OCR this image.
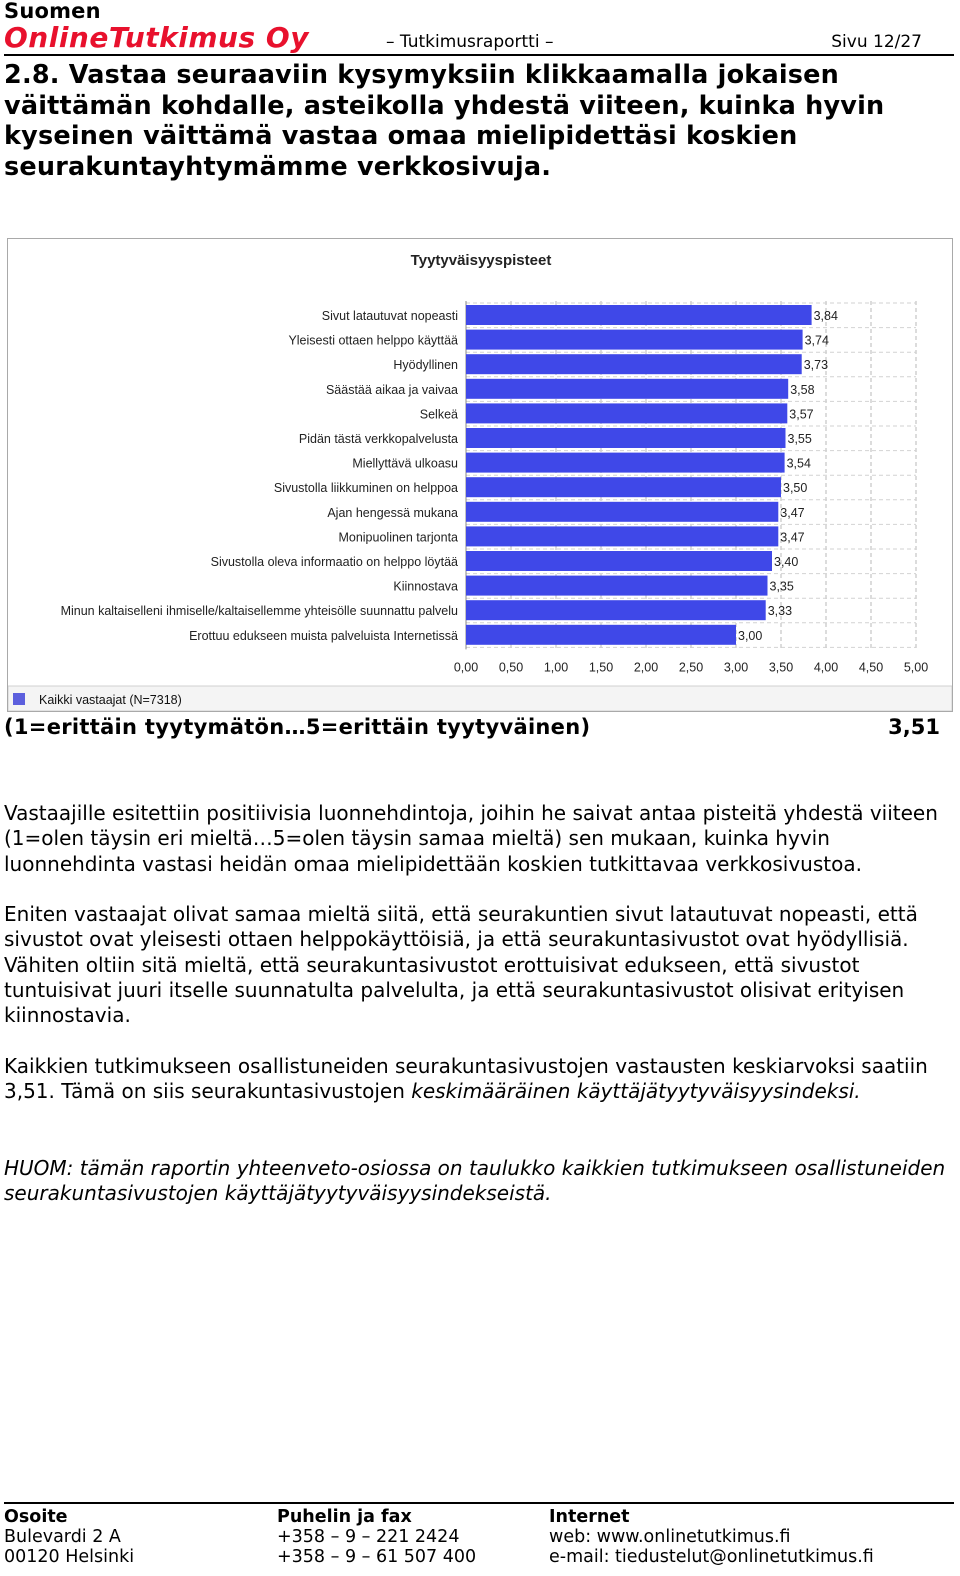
Suomen
OnlineTutkimus Oy	– Tutkimusraportti –	Sivu 12/27
2.8. Vastaa seuraaviin kysymyksiin klikkaamalla jokaisen väittämän kohdalle, asteikolla yhdestä viiteen, kuinka hyvin kyseinen väittämä vastaa omaa mielipidettäsi koskien seurakuntayhtymämme verkkosivuja.
Tyytyväisyyspisteet
Sivut latautuvat nopeasti
Yleisesti ottaen helppo käyttää
Hyödyllinen
Säästää aikaa ja vaivaa
Selkeä
Pidän tästä verkkopalvelusta
Miellyttävä ulkoasu
Sivustolla liikkuminen on helppoa
Ajan hengessä mukana
Monipuolinen tarjonta
Sivustolla oleva informaatio on helppo löytää
Kiinnostava
Minun kaltaiselleni ihmiselle/kaltaisellemme yhteisölle suunnattu palvelu
Erottuu edukseen muista palveluista Internetissä
3,84
3,74
3,73
3,58
3,57
3,55
3,54
3,50
3,47
3,47
3,40
3,35
3,33
3,00
0,00 0,50 1,00 1,50 2,00 2,50 3,00 3,50 4,00 4,50 5,00
Kaikki vastaajat (N=7318)
(1=erittäin tyytymätön…5=erittäin tyytyväinen)	3,51
Vastaajille esitettiin positiivisia luonnehdintoja, joihin he saivat antaa pisteitä yhdestä viiteen (1=olen täysin eri mieltä…5=olen täysin samaa mieltä) sen mukaan, kuinka hyvin luonnehdinta vastasi heidän omaa mielipidettään koskien tutkittavaa verkkosivustoa.
Eniten vastaajat olivat samaa mieltä siitä, että seurakuntien sivut latautuvat nopeasti, että sivustot ovat yleisesti ottaen helppokäyttöisiä, ja että seurakuntasivustot ovat hyödyllisiä. Vähiten oltiin sitä mieltä, että seurakuntasivustot erottuisivat edukseen, että sivustot tuntuisivat juuri itselle suunnatulta palvelulta, ja että seurakuntasivustot olisivat erityisen kiinnostavia.
Kaikkien tutkimukseen osallistuneiden seurakuntasivustojen vastausten keskiarvoksi saatiin 3,51. Tämä on siis seurakuntasivustojen keskimääräinen käyttäjätyytyväisyysindeksi.
HUOM: tämän raportin yhteenveto-osiossa on taulukko kaikkien tutkimukseen osallistuneiden seurakuntasivustojen käyttäjätyytyväisyysindekseistä.
Osoite
Bulevardi 2 A
00120 Helsinki
Puhelin ja fax
+358 – 9 – 221 2424
+358 – 9 – 61 507 400
Internet
web: www.onlinetutkimus.fi
e-mail: tiedustelut@onlinetutkimus.fi
